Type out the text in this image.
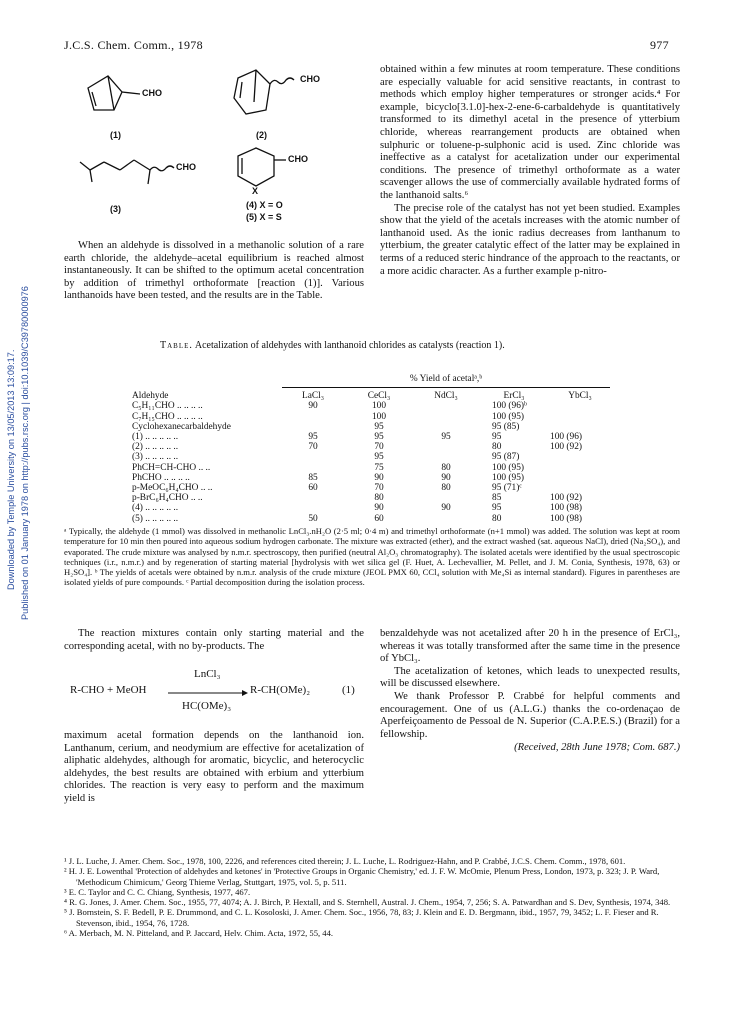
Downloaded by Temple University on 13/05/2013 13:09:17. Published on 01 January 1978 on http://pubs.rsc.org | doi:10.1039/C39780000976
J.C.S. Chem. Comm., 1978	977
CHO
CHO
CHO
CHO
X
(1)	(2)
(3)	(4) X = O
(5) X = S

When an aldehyde is dissolved in a methanolic solution of a rare earth chloride, the aldehyde–acetal equilibrium is reached almost instantaneously. It can be shifted to the optimum acetal concentration by addition of trimethyl orthoformate [reaction (1)]. Various lanthanoids have been tested, and the results are in the Table.

obtained within a few minutes at room temperature. These conditions are especially valuable for acid sensitive reactants, in contrast to methods which employ higher temperatures or stronger acids.⁴ For example, bicyclo[3.1.0]-hex-2-ene-6-carbaldehyde is quantitatively transformed to its dimethyl acetal in the presence of ytterbium chloride, whereas rearrangement products are obtained when sulphuric or toluene-p-sulphonic acid is used. Zinc chloride was ineffective as a catalyst for acetalization under our experimental conditions. The presence of trimethyl orthoformate as a water scavenger allows the use of commercially available hydrated forms of the lanthanoid salts.⁶

The precise role of the catalyst has not yet been studied. Examples show that the yield of the acetals increases with the atomic number of lanthanoid used. As the ionic radius decreases from lanthanum to ytterbium, the greater catalytic effect of the latter may be explained in terms of a reduced steric hindrance of the approach to the reactants, or a more acidic character. As a further example p-nitro-

Table. Acetalization of aldehydes with lanthanoid chlorides as catalysts (reaction 1).
	% Yield of acetalᵃ,ᵇ				

Aldehyde	LaCl₃	CeCl₃	NdCl₃	ErCl₃	YbCl₃
C₅H₁₁CHO .. .. .. ..	90	100		100 (96)ᵇ	
C₇H₁₅CHO .. .. .. ..		100		100 (95)	
Cyclohexanecarbaldehyde		95		95 (85)	
(1) .. .. .. .. ..	95	95	95	95	100 (96)
(2) .. .. .. .. ..	70	70		80	100 (92)
(3) .. .. .. .. ..		95		95 (87)	
PhCH=CH-CHO .. ..		75	80	100 (95)	
PhCHO .. .. .. ..	85	90	90	100 (95)	
p-MeOC₆H₄CHO .. ..	60	70	80	95 (71)ᶜ	
p-BrC₆H₄CHO .. ..		80		85	100 (92)
(4) .. .. .. .. ..		90	90	95	100 (98)
(5) .. .. .. .. ..	50	60		80	100 (98)
ᵃ Typically, the aldehyde (1 mmol) was dissolved in methanolic LnCl₃.nH₂O (2·5 ml; 0·4 m) and trimethyl orthoformate (n+1 mmol) was added. The solution was kept at room temperature for 10 min then poured into aqueous sodium hydrogen carbonate. The mixture was extracted (ether), and the extract washed (sat. aqueous NaCl), dried (Na₂SO₄), and evaporated. The crude mixture was analysed by n.m.r. spectroscopy, then purified (neutral Al₂O₃ chromatography). The isolated acetals were identified by the usual spectroscopic techniques (i.r., n.m.r.) and by regeneration of starting material [hydrolysis with wet silica gel (F. Huet, A. Lechevallier, M. Pellet, and J. M. Conia, Synthesis, 1978, 63) or H₂SO₄]. ᵇ The yields of acetals were obtained by n.m.r. analysis of the crude mixture (JEOL PMX 60, CCl₄ solution with Me₄Si as internal standard). Figures in parentheses are isolated yields of pure compounds. ᶜ Partial decomposition during the isolation process.

The reaction mixtures contain only starting material and the corresponding acetal, with no by-products. The

R-CHO + MeOH
LnCl₃
HC(OMe)₃
R-CH(OMe)₂	(1)

maximum acetal formation depends on the lanthanoid ion. Lanthanum, cerium, and neodymium are effective for acetalization of aliphatic aldehydes, although for aromatic, bicyclic, and heterocyclic aldehydes, the best results are obtained with erbium and ytterbium chlorides. The reaction is very easy to perform and the maximum yield is

benzaldehyde was not acetalized after 20 h in the presence of ErCl₃, whereas it was totally transformed after the same time in the presence of YbCl₃.

The acetalization of ketones, which leads to unexpected results, will be discussed elsewhere.

We thank Professor P. Crabbé for helpful comments and encouragement. One of us (A.L.G.) thanks the co-ordenaçao de Aperfeiçoamento de Pessoal de N. Superior (C.A.P.E.S.) (Brazil) for a fellowship.

(Received, 28th June 1978; Com. 687.)
¹ J. L. Luche, J. Amer. Chem. Soc., 1978, 100, 2226, and references cited therein; J. L. Luche, L. Rodriguez-Hahn, and P. Crabbé, J.C.S. Chem. Comm., 1978, 601.
² H. J. E. Lowenthal 'Protection of aldehydes and ketones' in 'Protective Groups in Organic Chemistry,' ed. J. F. W. McOmie, Plenum Press, London, 1973, p. 323; J. P. Ward, 'Methodicum Chimicum,' Georg Thieme Verlag, Stuttgart, 1975, vol. 5, p. 511.
³ E. C. Taylor and C. C. Chiang, Synthesis, 1977, 467.
⁴ R. G. Jones, J. Amer. Chem. Soc., 1955, 77, 4074; A. J. Birch, P. Hextall, and S. Sternhell, Austral. J. Chem., 1954, 7, 256; S. A. Patwardhan and S. Dev, Synthesis, 1974, 348.
⁵ J. Bornstein, S. F. Bedell, P. E. Drummond, and C. L. Kosoloski, J. Amer. Chem. Soc., 1956, 78, 83; J. Klein and E. D. Bergmann, ibid., 1957, 79, 3452; L. F. Fieser and R. Stevenson, ibid., 1954, 76, 1728.
⁶ A. Merbach, M. N. Pitteland, and P. Jaccard, Helv. Chim. Acta, 1972, 55, 44.
